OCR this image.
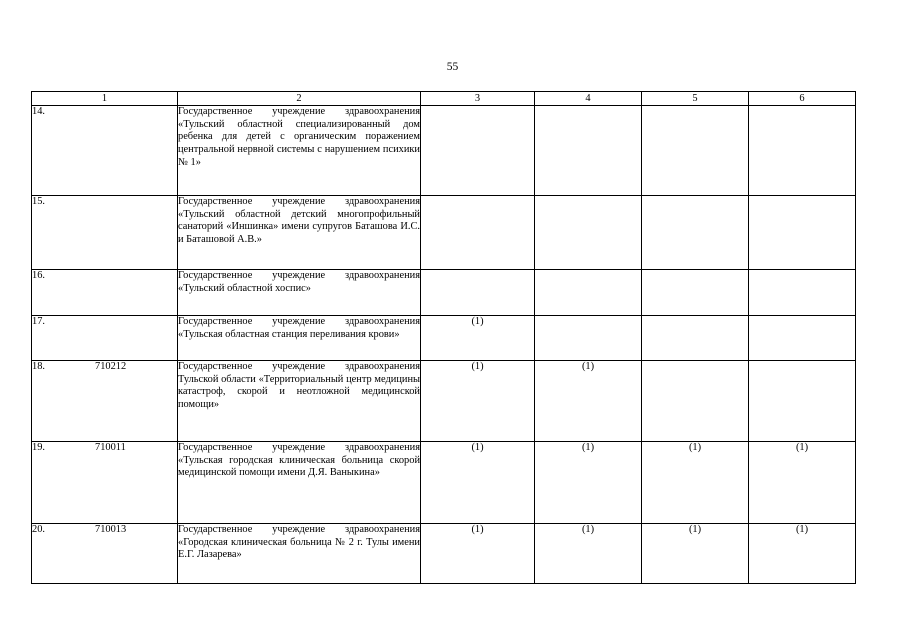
55
1	2	3	4	5	6
14.	Государственное учреждение здравоохранения «Тульский областной специализированный дом ребенка для детей с органическим поражением центральной нервной системы с нарушением психики № 1»				
15.	Государственное учреждение здравоохранения «Тульский областной детский многопрофильный санаторий «Иншинка» имени супругов Баташова И.С. и Баташовой А.В.»				
16.	Государственное учреждение здравоохранения «Тульский областной хоспис»				
17.	Государственное учреждение здравоохранения «Тульская областная станция переливания крови»	(1)			
18. 710212	Государственное учреждение здравоохранения Тульской области «Территориальный центр медицины катастроф, скорой и неотложной медицинской помощи»	(1)	(1)		
19. 710011	Государственное учреждение здравоохранения «Тульская городская клиническая больница скорой медицинской помощи имени Д.Я. Ваныкина»	(1)	(1)	(1)	(1)
20. 710013	Государственное учреждение здравоохранения «Городская клиническая больница № 2 г. Тулы имени Е.Г. Лазарева»	(1)	(1)	(1)	(1)
